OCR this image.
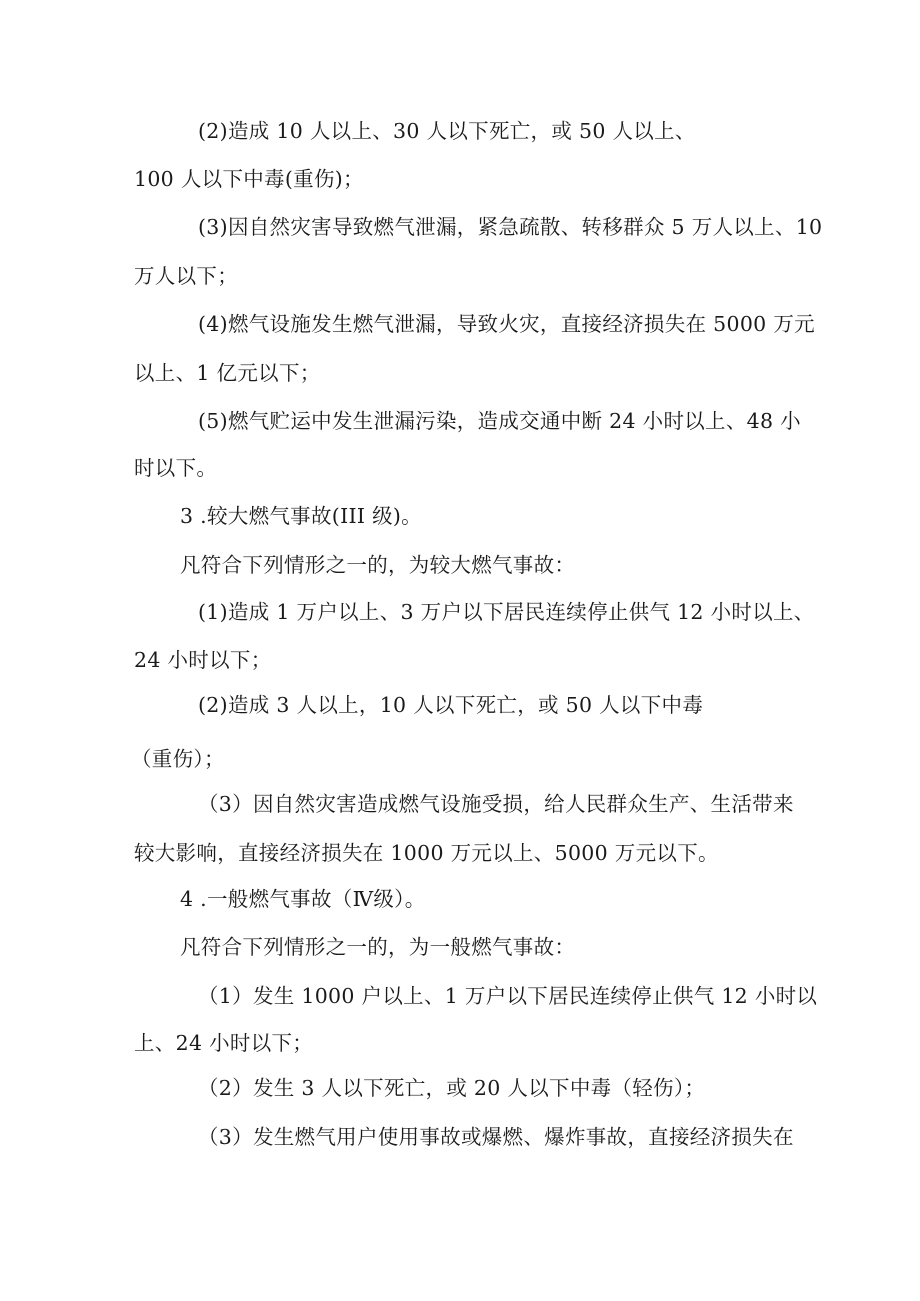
(2)造成 10 人以上、30 人以下死亡，或 50 人以上、
100 人以下中毒(重伤)；
(3)因自然灾害导致燃气泄漏，紧急疏散、转移群众 5 万人以上、10
万人以下；
(4)燃气设施发生燃气泄漏，导致火灾，直接经济损失在 5000 万元
以上、1 亿元以下；
(5)燃气贮运中发生泄漏污染，造成交通中断 24 小时以上、48 小
时以下。
3 .较大燃气事故(III 级)。
凡符合下列情形之一的，为较大燃气事故：
(1)造成 1 万户以上、3 万户以下居民连续停止供气 12 小时以上、
24 小时以下；
(2)造成 3 人以上，10 人以下死亡，或 50 人以下中毒
（重伤）；
（3）因自然灾害造成燃气设施受损，给人民群众生产、生活带来
较大影响，直接经济损失在 1000 万元以上、5000 万元以下。
4 .一般燃气事故（Ⅳ级）。
凡符合下列情形之一的，为一般燃气事故：
（1）发生 1000 户以上、1 万户以下居民连续停止供气 12 小时以
上、24 小时以下；
（2）发生 3 人以下死亡，或 20 人以下中毒（轻伤）；
（3）发生燃气用户使用事故或爆燃、爆炸事故，直接经济损失在
